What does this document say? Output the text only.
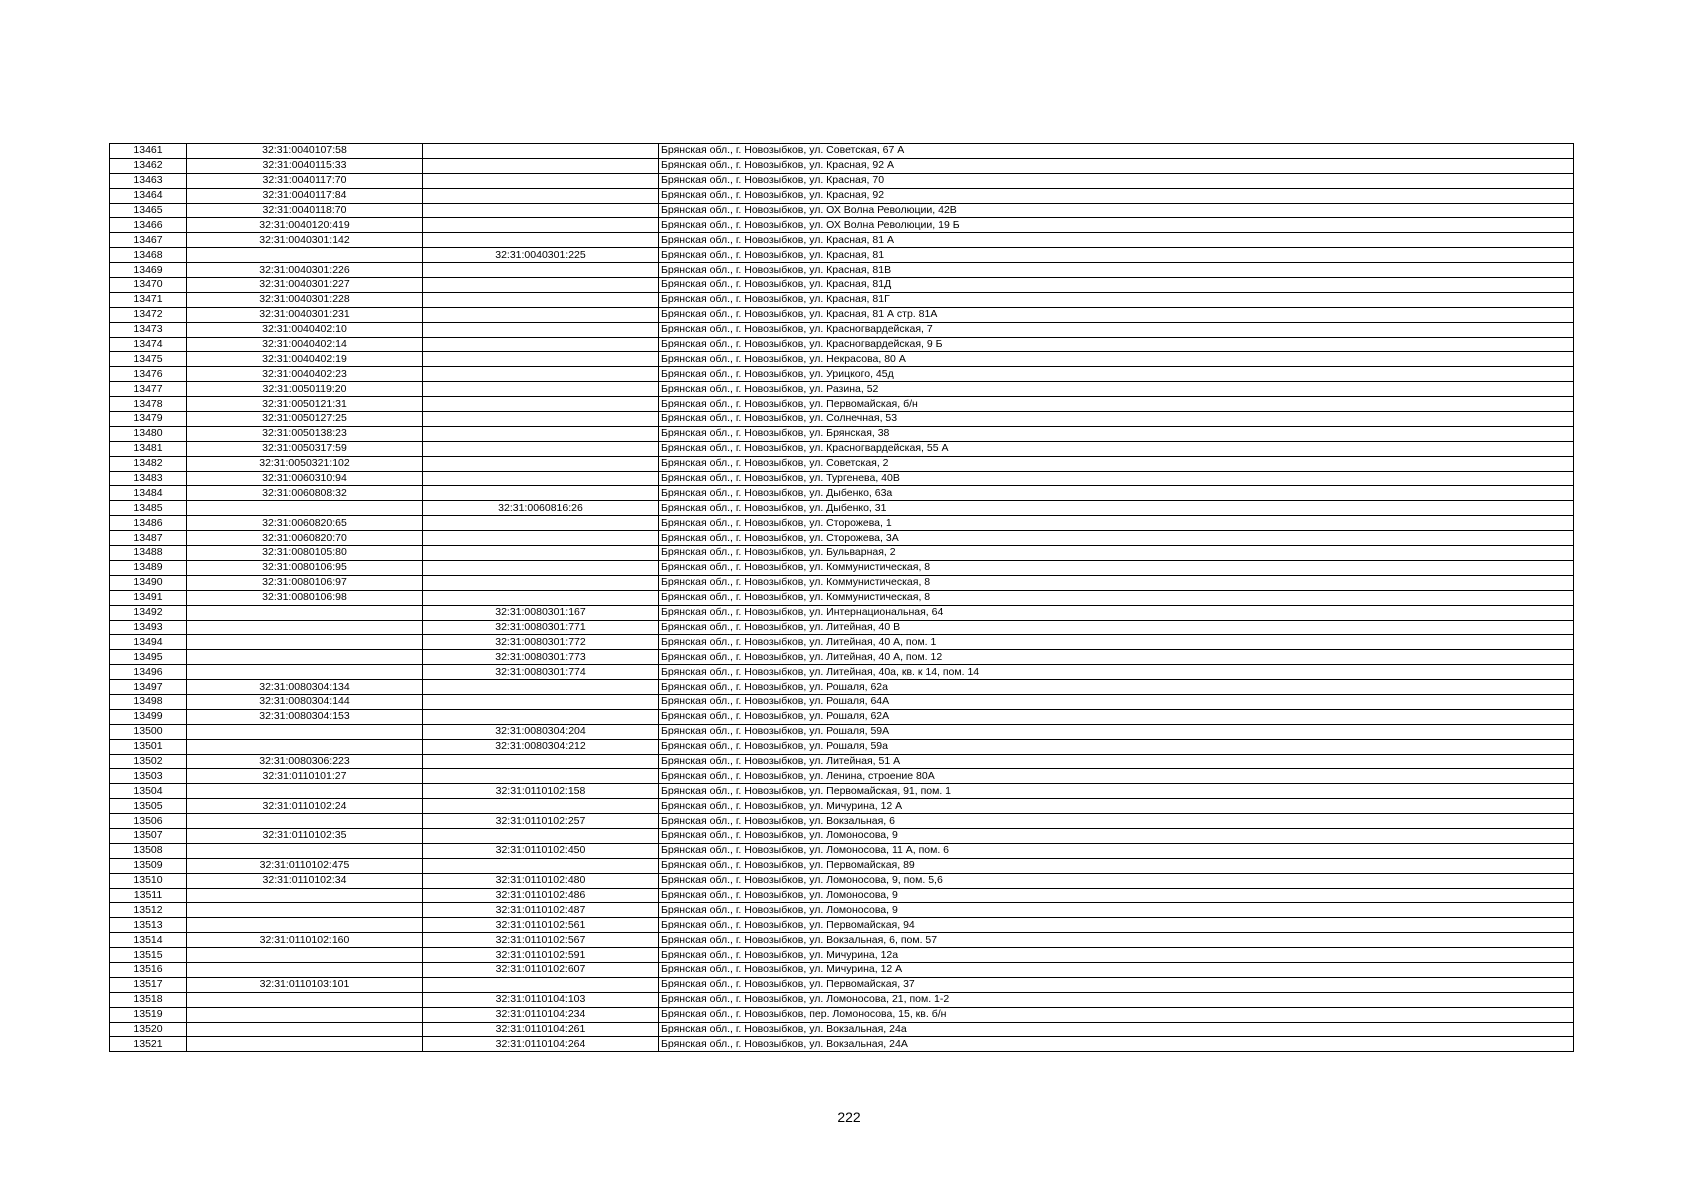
13461	32:31:0040107:58		Брянская обл., г. Новозыбков, ул. Советская, 67 А
13462	32:31:0040115:33		Брянская обл., г. Новозыбков, ул. Красная, 92 А
13463	32:31:0040117:70		Брянская обл., г. Новозыбков, ул. Красная, 70
13464	32:31:0040117:84		Брянская обл., г. Новозыбков, ул. Красная, 92
13465	32:31:0040118:70		Брянская обл., г. Новозыбков, ул. ОХ Волна Революции, 42В
13466	32:31:0040120:419		Брянская обл., г. Новозыбков, ул. ОХ Волна Революции, 19 Б
13467	32:31:0040301:142		Брянская обл., г. Новозыбков, ул. Красная, 81 А
13468		32:31:0040301:225	Брянская обл., г. Новозыбков, ул. Красная, 81
13469	32:31:0040301:226		Брянская обл., г. Новозыбков, ул. Красная, 81В
13470	32:31:0040301:227		Брянская обл., г. Новозыбков, ул. Красная, 81Д
13471	32:31:0040301:228		Брянская обл., г. Новозыбков, ул. Красная, 81Г
13472	32:31:0040301:231		Брянская обл., г. Новозыбков, ул. Красная, 81 А стр. 81А
13473	32:31:0040402:10		Брянская обл., г. Новозыбков, ул. Красногвардейская, 7
13474	32:31:0040402:14		Брянская обл., г. Новозыбков, ул. Красногвардейская, 9 Б
13475	32:31:0040402:19		Брянская обл., г. Новозыбков, ул. Некрасова, 80 А
13476	32:31:0040402:23		Брянская обл., г. Новозыбков, ул. Урицкого, 45д
13477	32:31:0050119:20		Брянская обл., г. Новозыбков, ул. Разина, 52
13478	32:31:0050121:31		Брянская обл., г. Новозыбков, ул. Первомайская, б/н
13479	32:31:0050127:25		Брянская обл., г. Новозыбков, ул. Солнечная, 53
13480	32:31:0050138:23		Брянская обл., г. Новозыбков, ул. Брянская, 38
13481	32:31:0050317:59		Брянская обл., г. Новозыбков, ул. Красногвардейская, 55 А
13482	32:31:0050321:102		Брянская обл., г. Новозыбков, ул. Советская, 2
13483	32:31:0060310:94		Брянская обл., г. Новозыбков, ул. Тургенева, 40В
13484	32:31:0060808:32		Брянская обл., г. Новозыбков, ул. Дыбенко, 63а
13485		32:31:0060816:26	Брянская обл., г. Новозыбков, ул. Дыбенко, 31
13486	32:31:0060820:65		Брянская обл., г. Новозыбков, ул. Сторожева, 1
13487	32:31:0060820:70		Брянская обл., г. Новозыбков, ул. Сторожева, 3А
13488	32:31:0080105:80		Брянская обл., г. Новозыбков, ул. Бульварная, 2
13489	32:31:0080106:95		Брянская обл., г. Новозыбков, ул. Коммунистическая, 8
13490	32:31:0080106:97		Брянская обл., г. Новозыбков, ул. Коммунистическая, 8
13491	32:31:0080106:98		Брянская обл., г. Новозыбков, ул. Коммунистическая, 8
13492		32:31:0080301:167	Брянская обл., г. Новозыбков, ул. Интернациональная, 64
13493		32:31:0080301:771	Брянская обл., г. Новозыбков, ул. Литейная, 40 В
13494		32:31:0080301:772	Брянская обл., г. Новозыбков, ул. Литейная, 40 А, пом. 1
13495		32:31:0080301:773	Брянская обл., г. Новозыбков, ул. Литейная, 40 А, пом. 12
13496		32:31:0080301:774	Брянская обл., г. Новозыбков, ул. Литейная, 40а, кв. к 14, пом. 14
13497	32:31:0080304:134		Брянская обл., г. Новозыбков, ул. Рошаля, 62а
13498	32:31:0080304:144		Брянская обл., г. Новозыбков, ул. Рошаля, 64А
13499	32:31:0080304:153		Брянская обл., г. Новозыбков, ул. Рошаля, 62А
13500		32:31:0080304:204	Брянская обл., г. Новозыбков, ул. Рошаля, 59А
13501		32:31:0080304:212	Брянская обл., г. Новозыбков, ул. Рошаля, 59а
13502	32:31:0080306:223		Брянская обл., г. Новозыбков, ул. Литейная, 51 А
13503	32:31:0110101:27		Брянская обл., г. Новозыбков, ул. Ленина, строение 80А
13504		32:31:0110102:158	Брянская обл., г. Новозыбков, ул. Первомайская, 91, пом. 1
13505	32:31:0110102:24		Брянская обл., г. Новозыбков, ул. Мичурина, 12 А
13506		32:31:0110102:257	Брянская обл., г. Новозыбков, ул. Вокзальная, 6
13507	32:31:0110102:35		Брянская обл., г. Новозыбков, ул. Ломоносова, 9
13508		32:31:0110102:450	Брянская обл., г. Новозыбков, ул. Ломоносова, 11 А, пом. 6
13509	32:31:0110102:475		Брянская обл., г. Новозыбков, ул. Первомайская, 89
13510	32:31:0110102:34	32:31:0110102:480	Брянская обл., г. Новозыбков, ул. Ломоносова, 9, пом. 5,6
13511		32:31:0110102:486	Брянская обл., г. Новозыбков, ул. Ломоносова, 9
13512		32:31:0110102:487	Брянская обл., г. Новозыбков, ул. Ломоносова, 9
13513		32:31:0110102:561	Брянская обл., г. Новозыбков, ул. Первомайская, 94
13514	32:31:0110102:160	32:31:0110102:567	Брянская обл., г. Новозыбков, ул. Вокзальная, 6, пом. 57
13515		32:31:0110102:591	Брянская обл., г. Новозыбков, ул. Мичурина, 12а
13516		32:31:0110102:607	Брянская обл., г. Новозыбков, ул. Мичурина, 12 А
13517	32:31:0110103:101		Брянская обл., г. Новозыбков, ул. Первомайская, 37
13518		32:31:0110104:103	Брянская обл., г. Новозыбков, ул. Ломоносова, 21, пом. 1-2
13519		32:31:0110104:234	Брянская обл., г. Новозыбков, пер. Ломоносова, 15, кв. б/н
13520		32:31:0110104:261	Брянская обл., г. Новозыбков, ул. Вокзальная, 24а
13521		32:31:0110104:264	Брянская обл., г. Новозыбков, ул. Вокзальная, 24А
222
